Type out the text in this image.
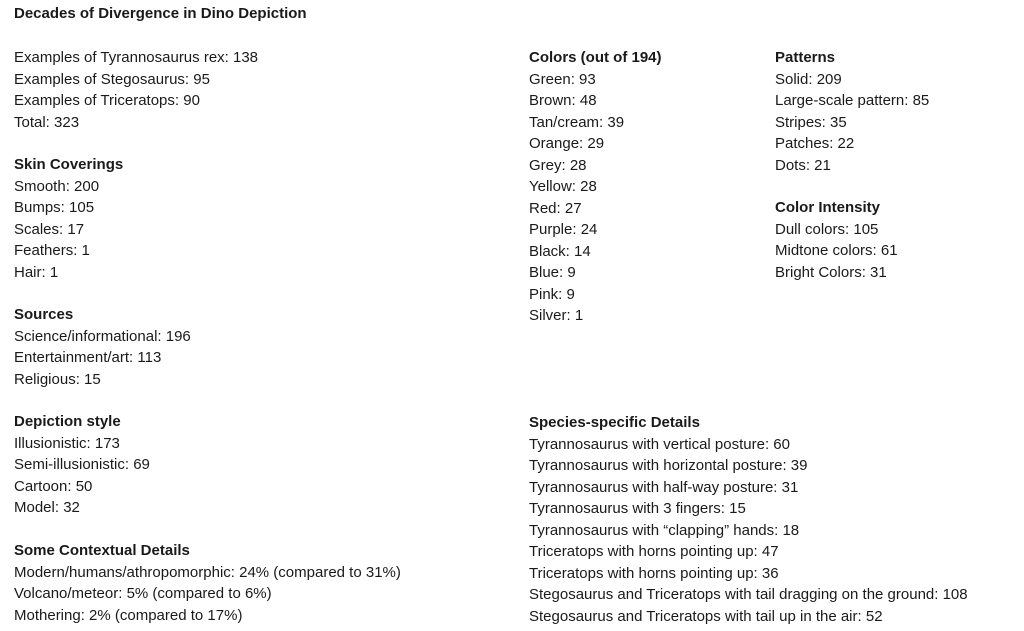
Decades of Divergence in Dino Depiction
Examples of Tyrannosaurus rex: 138
Examples of Stegosaurus: 95
Examples of Triceratops: 90
Total: 323
Skin Coverings
Smooth: 200
Bumps: 105
Scales: 17
Feathers: 1
Hair: 1
Sources
Science/informational: 196
Entertainment/art: 113
Religious: 15
Depiction style
Illusionistic: 173
Semi-illusionistic: 69
Cartoon: 50
Model: 32
Some Contextual Details
Modern/humans/athropomorphic: 24% (compared to 31%)
Volcano/meteor: 5% (compared to 6%)
Mothering: 2% (compared to 17%)
Colors (out of 194)
Green: 93
Brown: 48
Tan/cream: 39
Orange: 29
Grey: 28
Yellow: 28
Red: 27
Purple: 24
Black: 14
Blue: 9
Pink: 9
Silver: 1
Patterns
Solid: 209
Large-scale pattern: 85
Stripes: 35
Patches: 22
Dots: 21
Color Intensity
Dull colors: 105
Midtone colors: 61
Bright Colors: 31
Species-specific Details
Tyrannosaurus with vertical posture: 60
Tyrannosaurus with horizontal posture: 39
Tyrannosaurus with half-way posture: 31
Tyrannosaurus with 3 fingers: 15
Tyrannosaurus with “clapping” hands: 18
Triceratops with horns pointing up: 47
Triceratops with horns pointing up: 36
Stegosaurus and Triceratops with tail dragging on the ground: 108
Stegosaurus and Triceratops with tail up in the air: 52
